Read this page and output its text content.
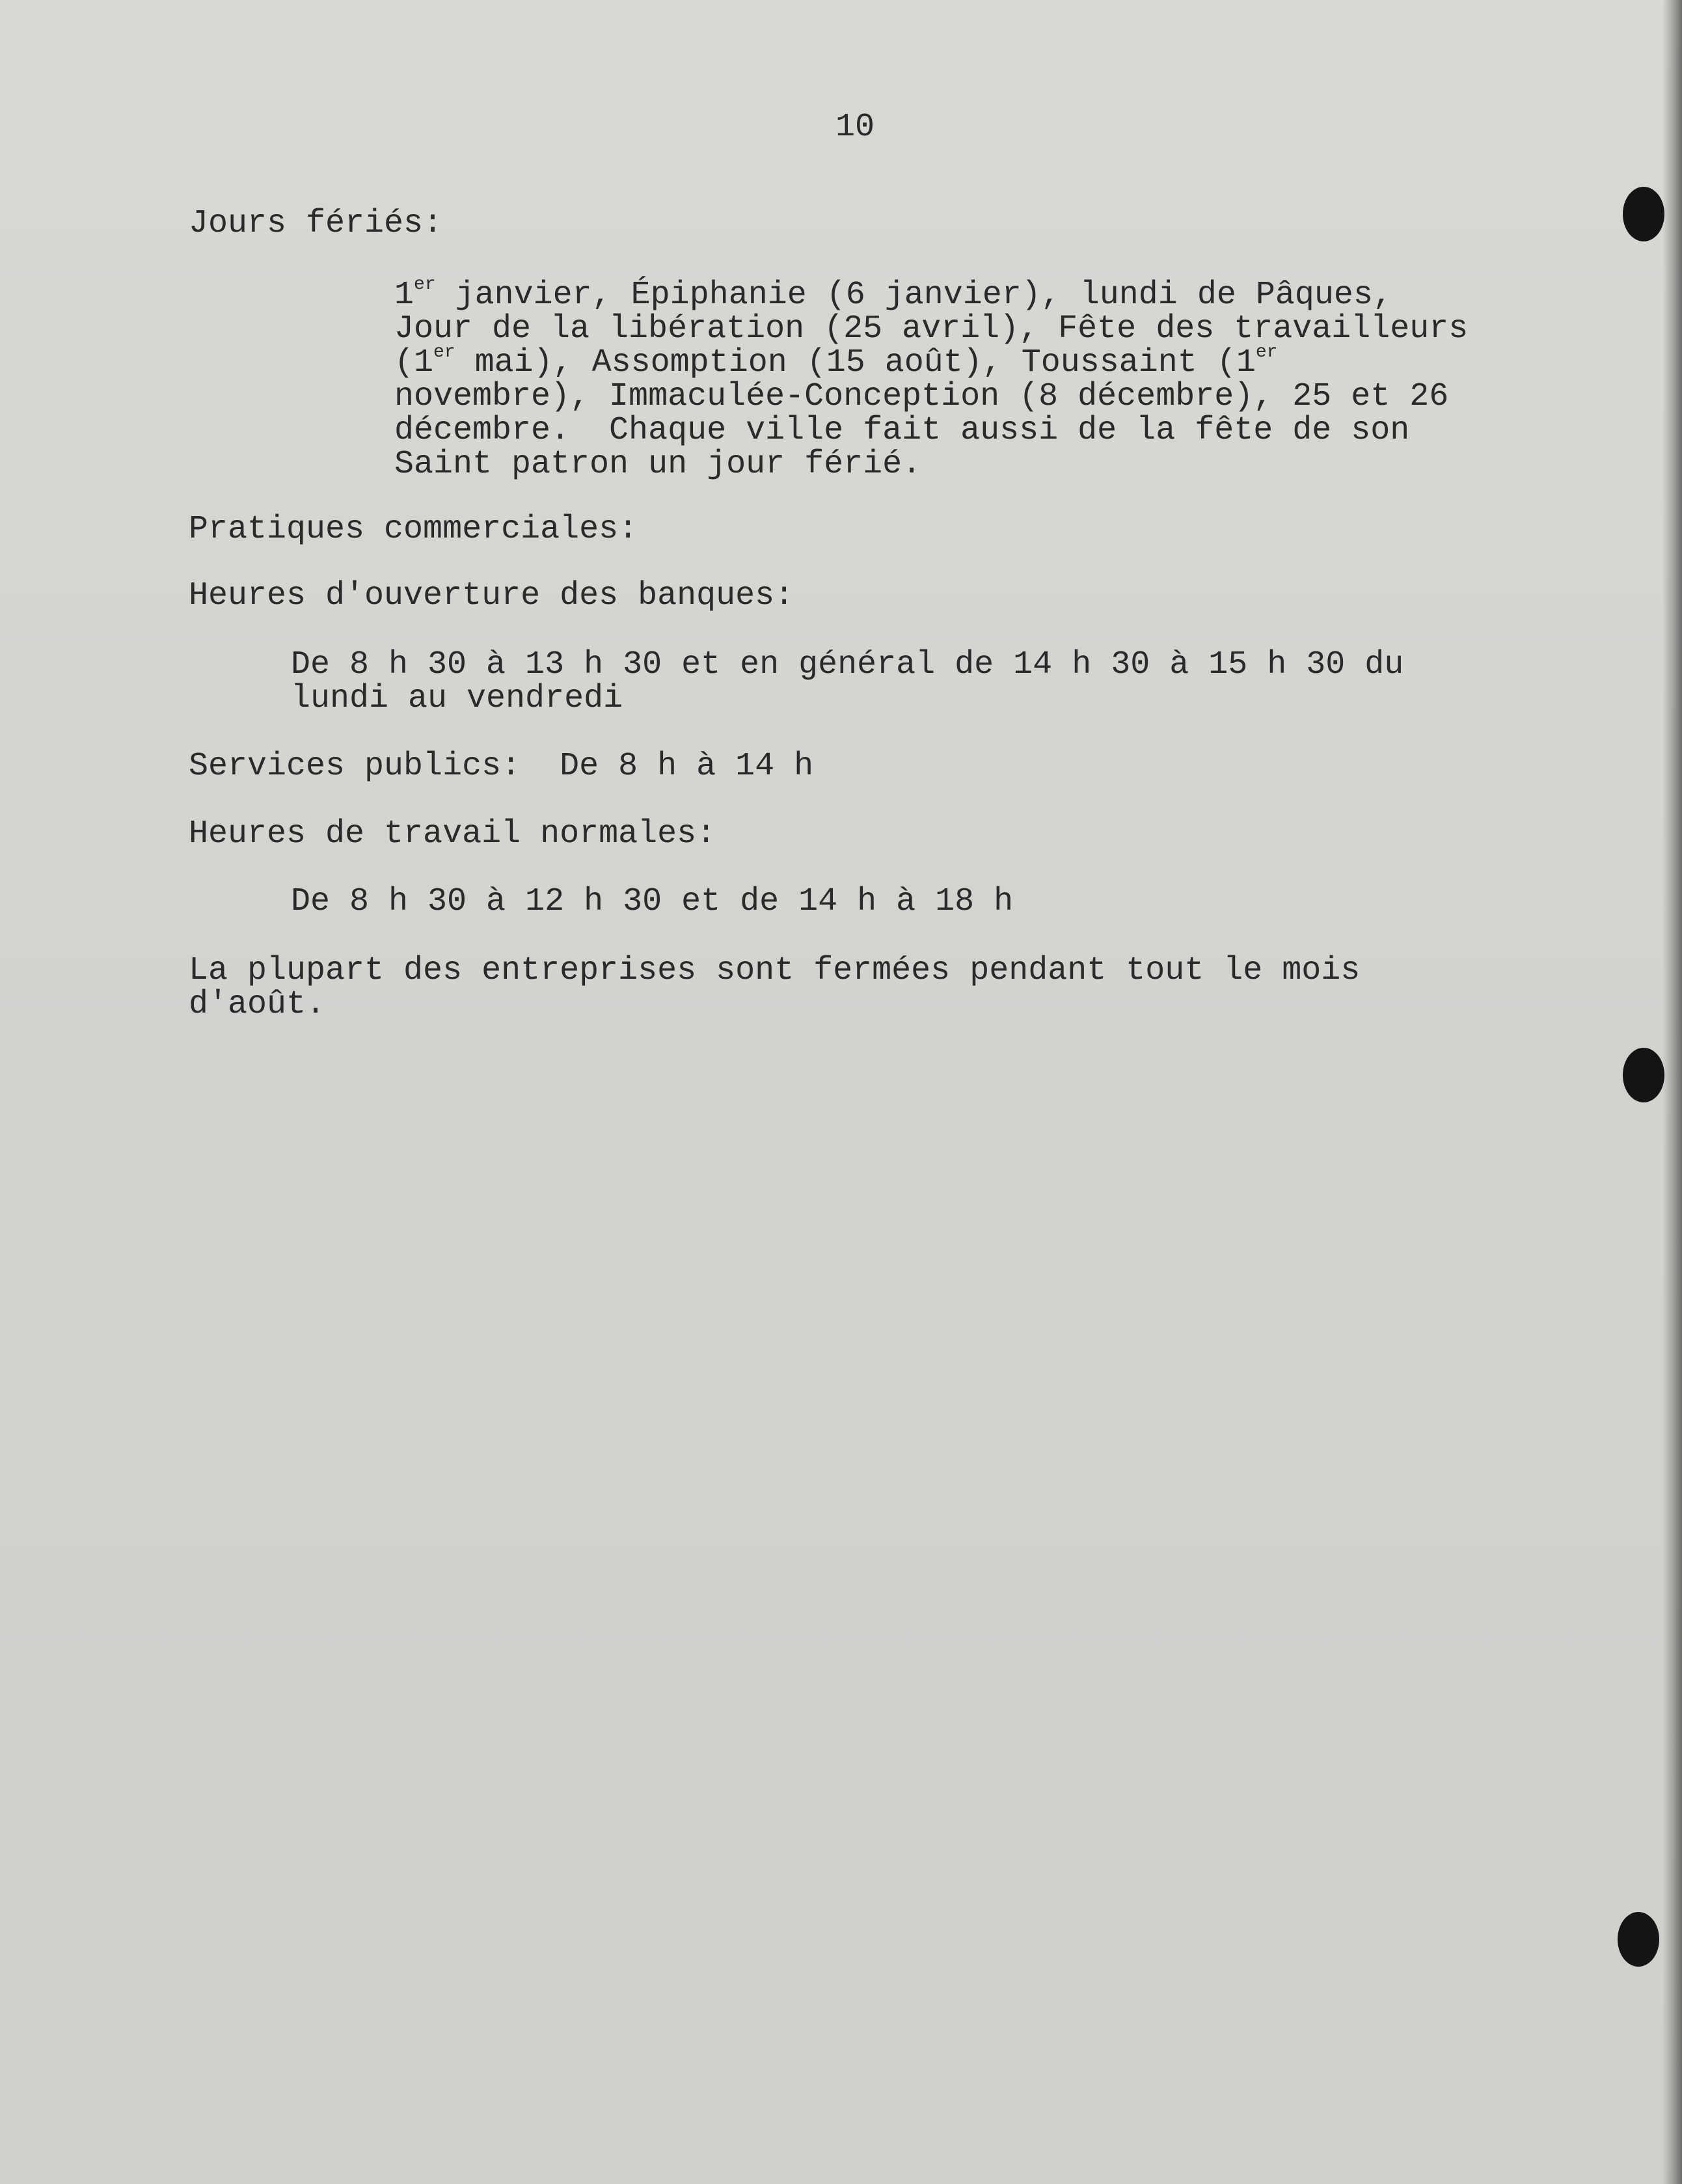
10
Jours fériés:
1er janvier, Épiphanie (6 janvier), lundi de Pâques,
Jour de la libération (25 avril), Fête des travailleurs
(1er mai), Assomption (15 août), Toussaint (1er
novembre), Immaculée-Conception (8 décembre), 25 et 26
décembre.  Chaque ville fait aussi de la fête de son
Saint patron un jour férié.
Pratiques commerciales:
Heures d'ouverture des banques:
De 8 h 30 à 13 h 30 et en général de 14 h 30 à 15 h 30 du
lundi au vendredi
Services publics:  De 8 h à 14 h
Heures de travail normales:
De 8 h 30 à 12 h 30 et de 14 h à 18 h
La plupart des entreprises sont fermées pendant tout le mois
d'août.
